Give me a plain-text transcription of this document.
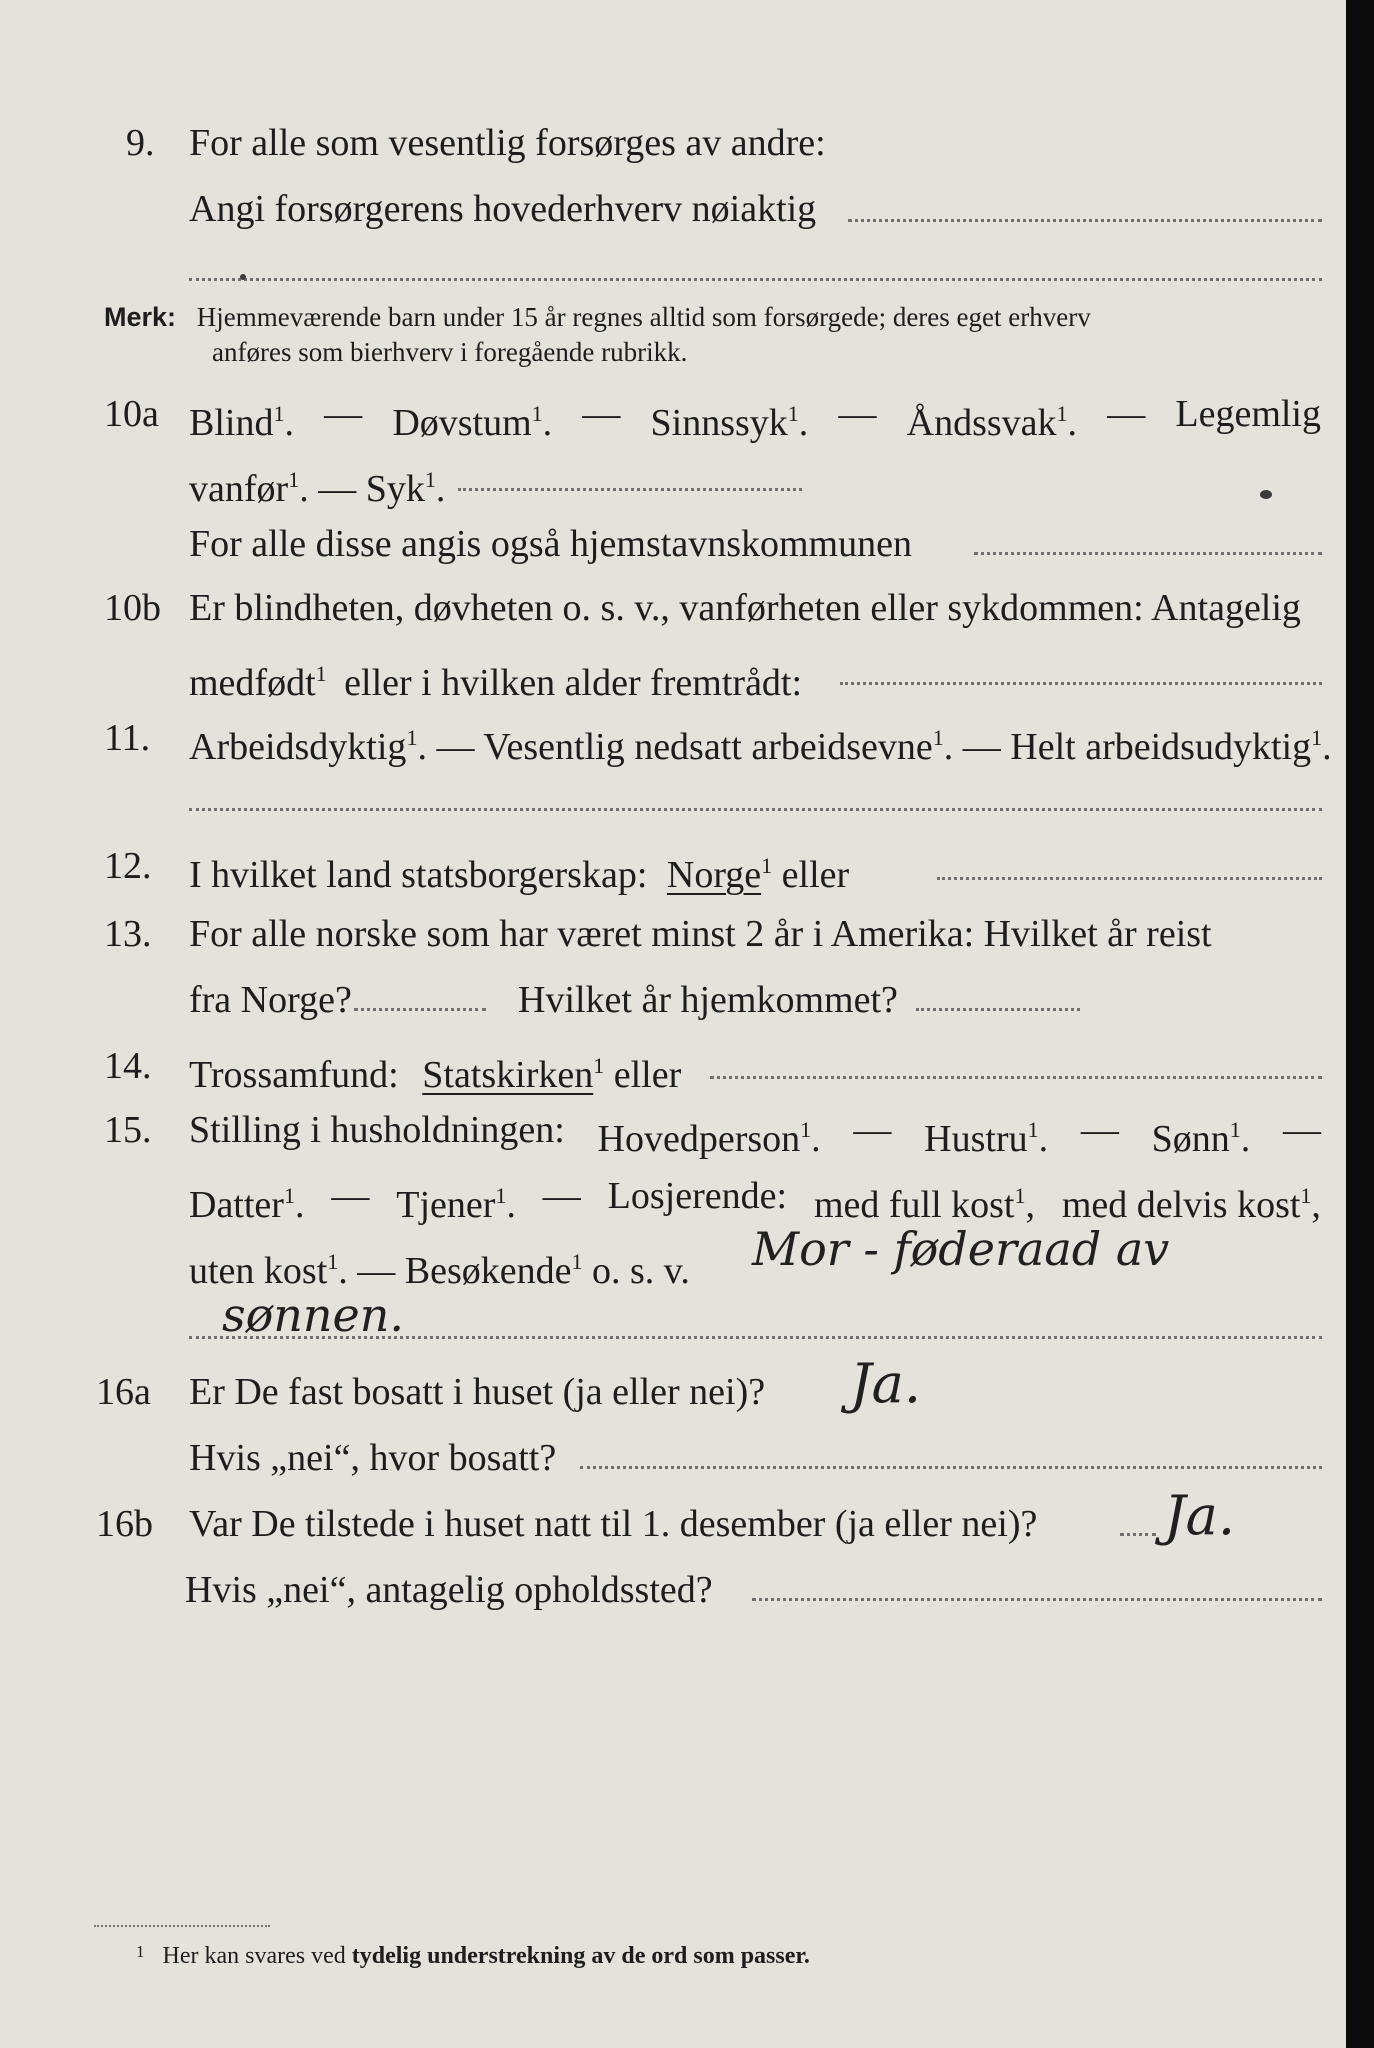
9. For alle som vesentlig forsørges av andre:
Angi forsørgerens hovederhverv nøiaktig
Merk: Hjemmeværende barn under 15 år regnes alltid som forsørgede; deres eget erhverv
anføres som bierhverv i foregående rubrikk.
10a Blind$^1$. — Døvstum$^1$. — Sinnssyk$^1$. — Åndssvak$^1$. — Legemlig
vanfør$^1$. — Syk$^1$.
For alle disse angis også hjemstavnskommunen
10b Er blindheten, døvheten o. s. v., vanførheten eller sykdommen: Antagelig
medfødt$^1$ eller i hvilken alder fremtrådt:
11. Arbeidsdyktig$^1$. — Vesentlig nedsatt arbeidsevne$^1$. — Helt arbeidsudyktig$^1$.
12. I hvilket land statsborgerskap: Norge$^1$ eller
13. For alle norske som har været minst 2 år i Amerika: Hvilket år reist
fra Norge?	Hvilket år hjemkommet?
14. Trossamfund: Statskirken$^1$ eller
15. Stilling i husholdningen: Hovedperson$^1$. — Hustru$^1$. — Sønn$^1$. —
Datter$^1$. — Tjener$^1$. — Losjerende: med full kost$^1$, med delvis kost$^1$,
uten kost$^1$. — Besøkende$^1$ o. s. v. Mor - føderaad av
sønnen.
16a Er De fast bosatt i huset (ja eller nei)? Ja.
Hvis „nei“, hvor bosatt?
16b Var De tilstede i huset natt til 1. desember (ja eller nei)? Ja.
Hvis „nei“, antagelig opholdssted?
$^1$ Her kan svares ved tydelig understrekning av de ord som passer.
